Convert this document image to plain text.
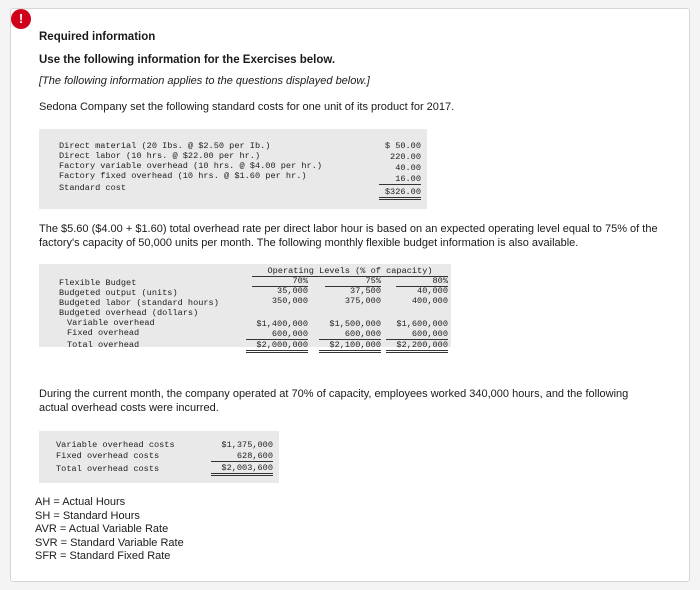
!
Required information
Use the following information for the Exercises below.
[The following information applies to the questions displayed below.]
Sedona Company set the following standard costs for one unit of its product for 2017.
Direct material (20 Ibs. @ $2.50 per Ib.)	$ 50.00
Direct labor (10 hrs. @ $22.00 per hr.)	220.00
Factory variable overhead (10 hrs. @ $4.00 per hr.)	40.00
Factory fixed overhead (10 hrs. @ $1.60 per hr.)	16.00
Standard cost	$326.00
The $5.60 ($4.00 + $1.60) total overhead rate per direct labor hour is based on an expected operating level equal to 75% of the factory's capacity of 50,000 units per month. The following monthly flexible budget information is also available.
Operating Levels (% of capacity)
Flexible Budget	70%	75%	80%
Budgeted output (units)	35,000	37,500	40,000
Budgeted labor (standard hours)	350,000	375,000	400,000
Budgeted overhead (dollars)
Variable overhead	$1,400,000	$1,500,000	$1,600,000
Fixed overhead	600,000	600,000	600,000
Total overhead	$2,000,000	$2,100,000	$2,200,000
During the current month, the company operated at 70% of capacity, employees worked 340,000 hours, and the following actual overhead costs were incurred.
Variable overhead costs	$1,375,000
Fixed overhead costs	628,600
Total overhead costs	$2,003,600
AH = Actual Hours
SH = Standard Hours
AVR = Actual Variable Rate
SVR = Standard Variable Rate
SFR = Standard Fixed Rate
